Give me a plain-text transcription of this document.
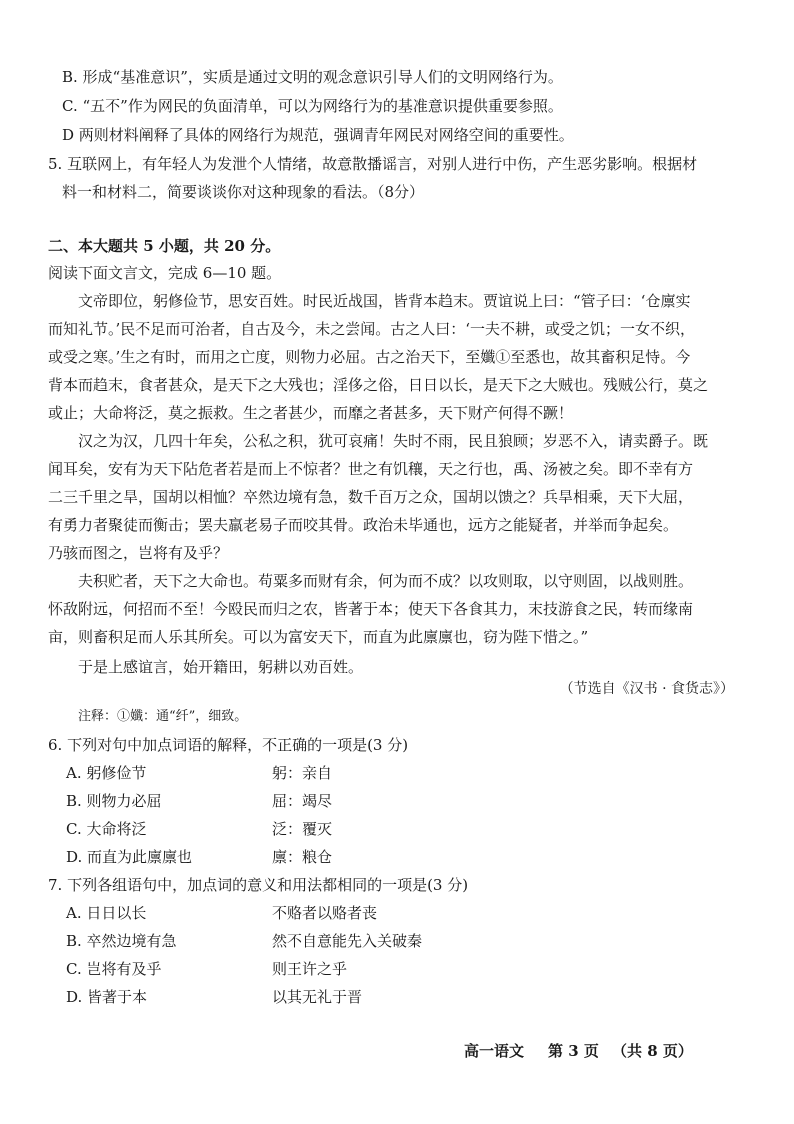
B. 形成“基准意识”，实质是通过文明的观念意识引导人们的文明网络行为。
C. “五不”作为网民的负面清单，可以为网络行为的基准意识提供重要参照。
D 两则材料阐释了具体的网络行为规范，强调青年网民对网络空间的重要性。
5. 互联网上，有年轻人为发泄个人情绪，故意散播谣言，对别人进行中伤，产生恶劣影响。根据材
料一和材料二，简要谈谈你对这种现象的看法。（8分）
二、本大题共 5 小题，共 20 分。
阅读下面文言文，完成 6—10 题。
文帝即位，躬修俭节，思安百姓。时民近战国，皆背本趋末。贾谊说上曰：“管子曰：‘仓廪实
而知礼节。’民不足而可治者，自古及今，未之尝闻。古之人曰：‘一夫不耕，或受之饥；一女不织，
或受之寒。’生之有时，而用之亡度，则物力必屈。古之治天下，至孅①至悉也，故其畜积足恃。今
背本而趋末，食者甚众，是天下之大残也；淫侈之俗，日日以长，是天下之大贼也。残贼公行，莫之
或止；大命将泛，莫之振救。生之者甚少，而靡之者甚多，天下财产何得不蹶！
汉之为汉，几四十年矣，公私之积，犹可哀痛！失时不雨，民且狼顾；岁恶不入，请卖爵子。既
闻耳矣，安有为天下阽危者若是而上不惊者？世之有饥穰，天之行也，禹、汤被之矣。即不幸有方
二三千里之旱，国胡以相恤？卒然边境有急，数千百万之众，国胡以馈之？兵旱相乘，天下大屈，
有勇力者聚徒而衡击；罢夫羸老易子而咬其骨。政治未毕通也，远方之能疑者，并举而争起矣。
乃骇而图之，岂将有及乎？
夫积贮者，天下之大命也。苟粟多而财有余，何为而不成？以攻则取，以守则固，以战则胜。
怀敌附远，何招而不至！今殴民而归之农，皆著于本；使天下各食其力，末技游食之民，转而缘南
亩，则畜积足而人乐其所矣。可以为富安天下，而直为此廪廪也，窃为陛下惜之。”
于是上感谊言，始开籍田，躬耕以劝百姓。
（节选自《汉书 · 食货志》）
注释：①孅：通“纤”，细致。
6. 下列对句中加点词语的解释，不正确的一项是(3 分)
A. 躬修俭节	躬：亲自
B. 则物力必屈	屈：竭尽
C. 大命将泛	泛：覆灭
D. 而直为此廪廪也	廪：粮仓
7. 下列各组语句中，加点词的意义和用法都相同的一项是(3 分)
A. 日日以长	不赂者以赂者丧
B. 卒然边境有急	然不自意能先入关破秦
C. 岂将有及乎	则王许之乎
D. 皆著于本	以其无礼于晋
高一语文 第 3 页 （共 8 页）
